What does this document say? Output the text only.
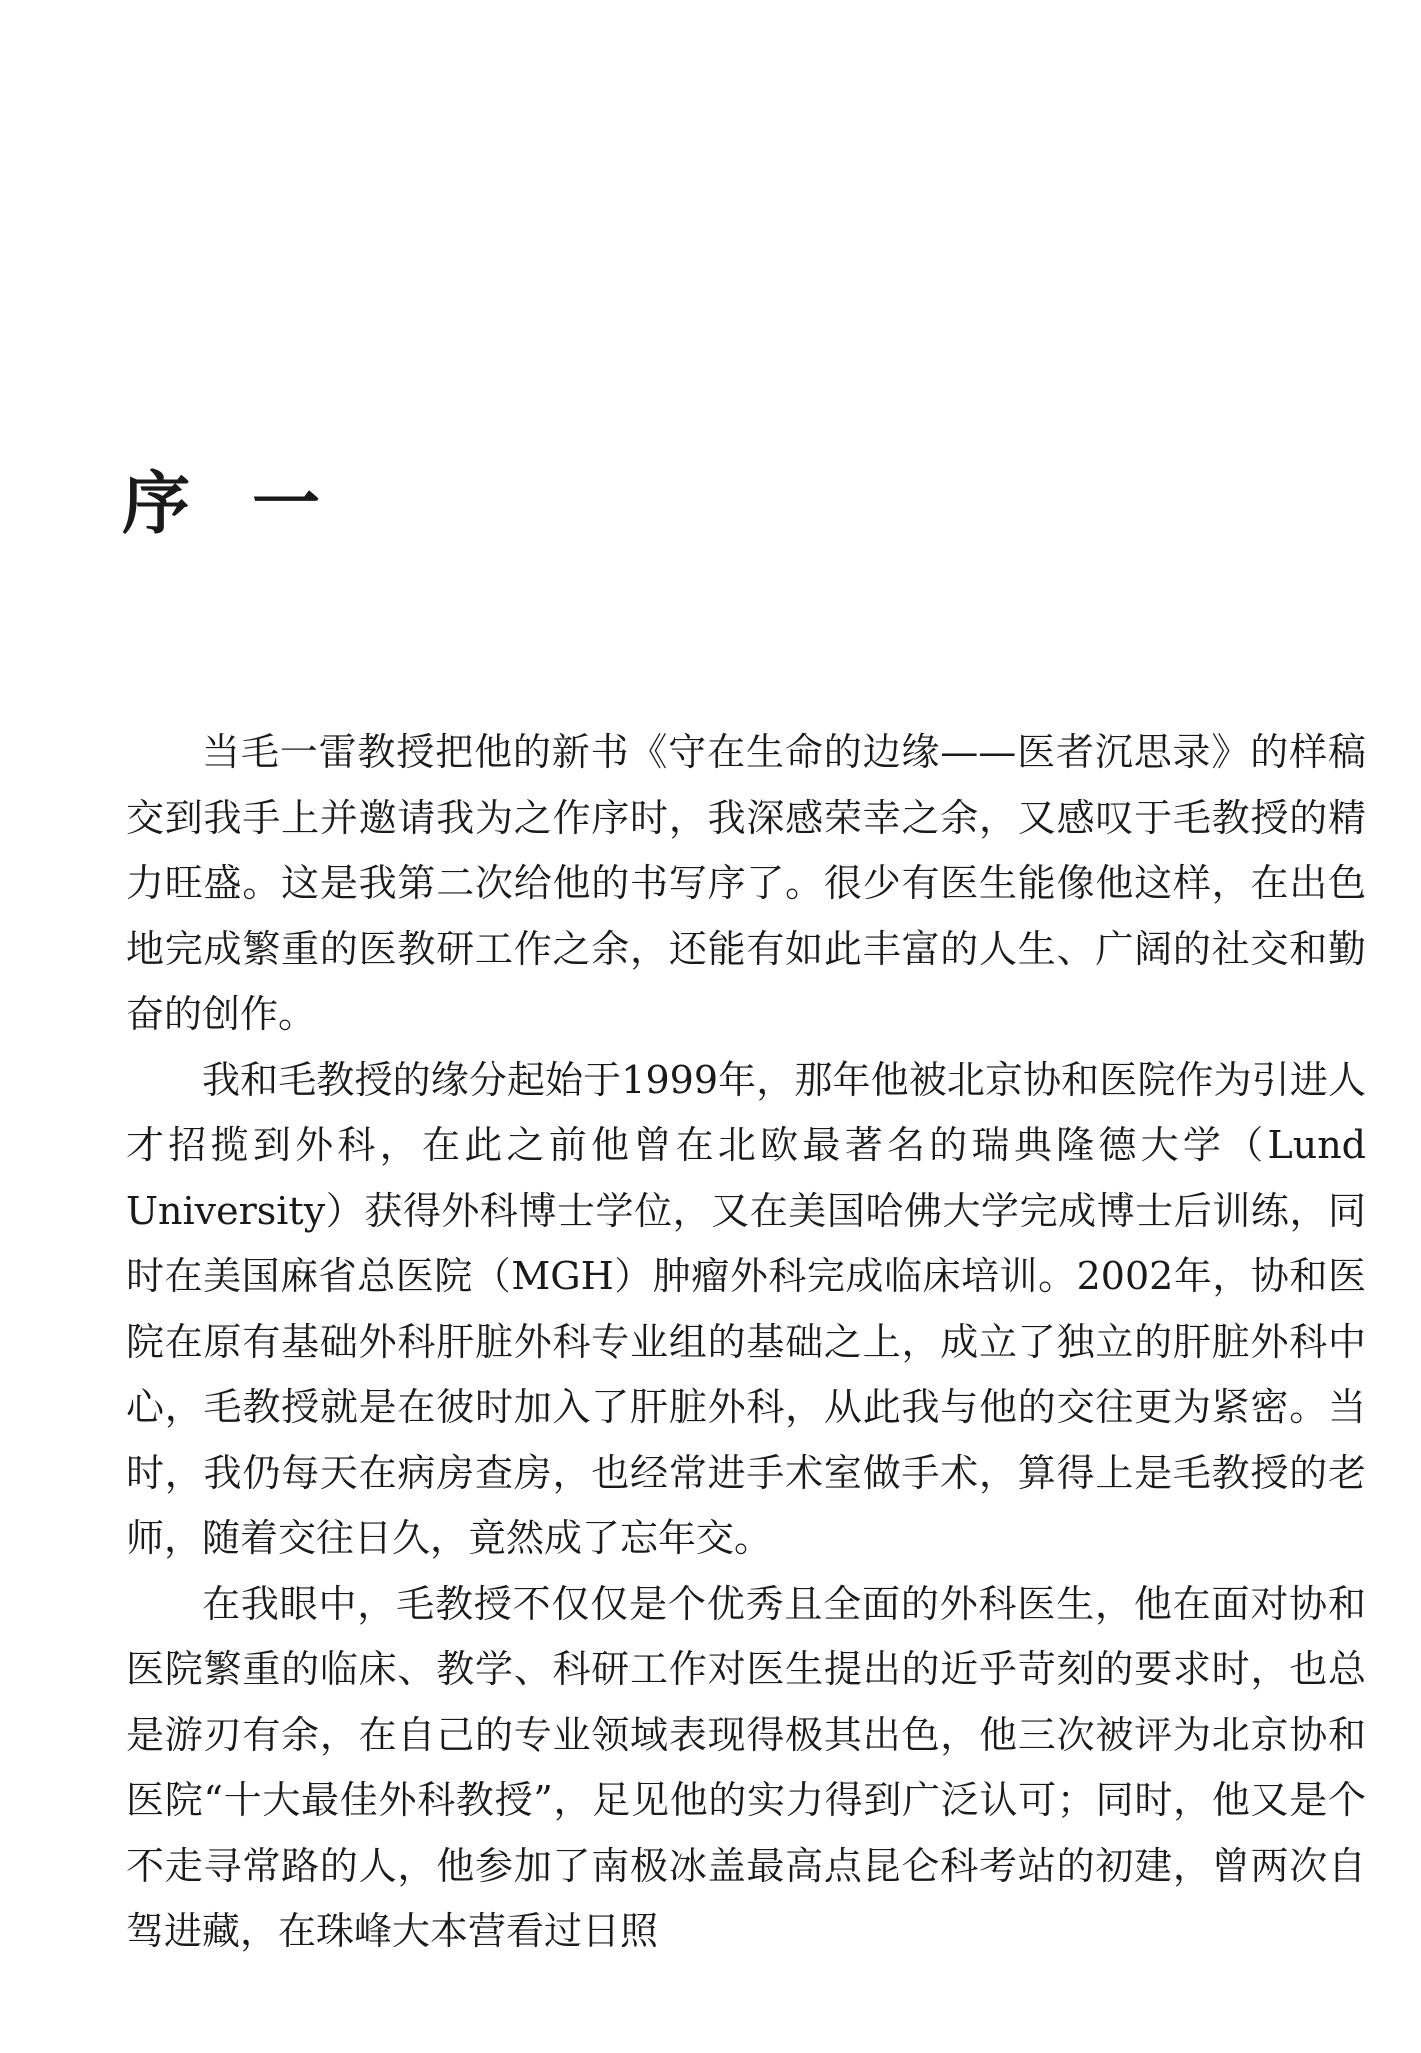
序一

当毛一雷教授把他的新书《守在生命的边缘——医者沉思录》的样稿交到我手上并邀请我为之作序时，我深感荣幸之余，又感叹于毛教授的精力旺盛。这是我第二次给他的书写序了。很少有医生能像他这样，在出色地完成繁重的医教研工作之余，还能有如此丰富的人生、广阔的社交和勤奋的创作。

我和毛教授的缘分起始于1999年，那年他被北京协和医院作为引进人才招揽到外科，在此之前他曾在北欧最著名的瑞典隆德大学（Lund University）获得外科博士学位，又在美国哈佛大学完成博士后训练，同时在美国麻省总医院（MGH）肿瘤外科完成临床培训。2002年，协和医院在原有基础外科肝脏外科专业组的基础之上，成立了独立的肝脏外科中心，毛教授就是在彼时加入了肝脏外科，从此我与他的交往更为紧密。当时，我仍每天在病房查房，也经常进手术室做手术，算得上是毛教授的老师，随着交往日久，竟然成了忘年交。

在我眼中，毛教授不仅仅是个优秀且全面的外科医生，他在面对协和医院繁重的临床、教学、科研工作对医生提出的近乎苛刻的要求时，也总是游刃有余，在自己的专业领域表现得极其出色，他三次被评为北京协和医院“十大最佳外科教授”，足见他的实力得到广泛认可；同时，他又是个不走寻常路的人，他参加了南极冰盖最高点昆仑科考站的初建，曾两次自驾进藏，在珠峰大本营看过日照
